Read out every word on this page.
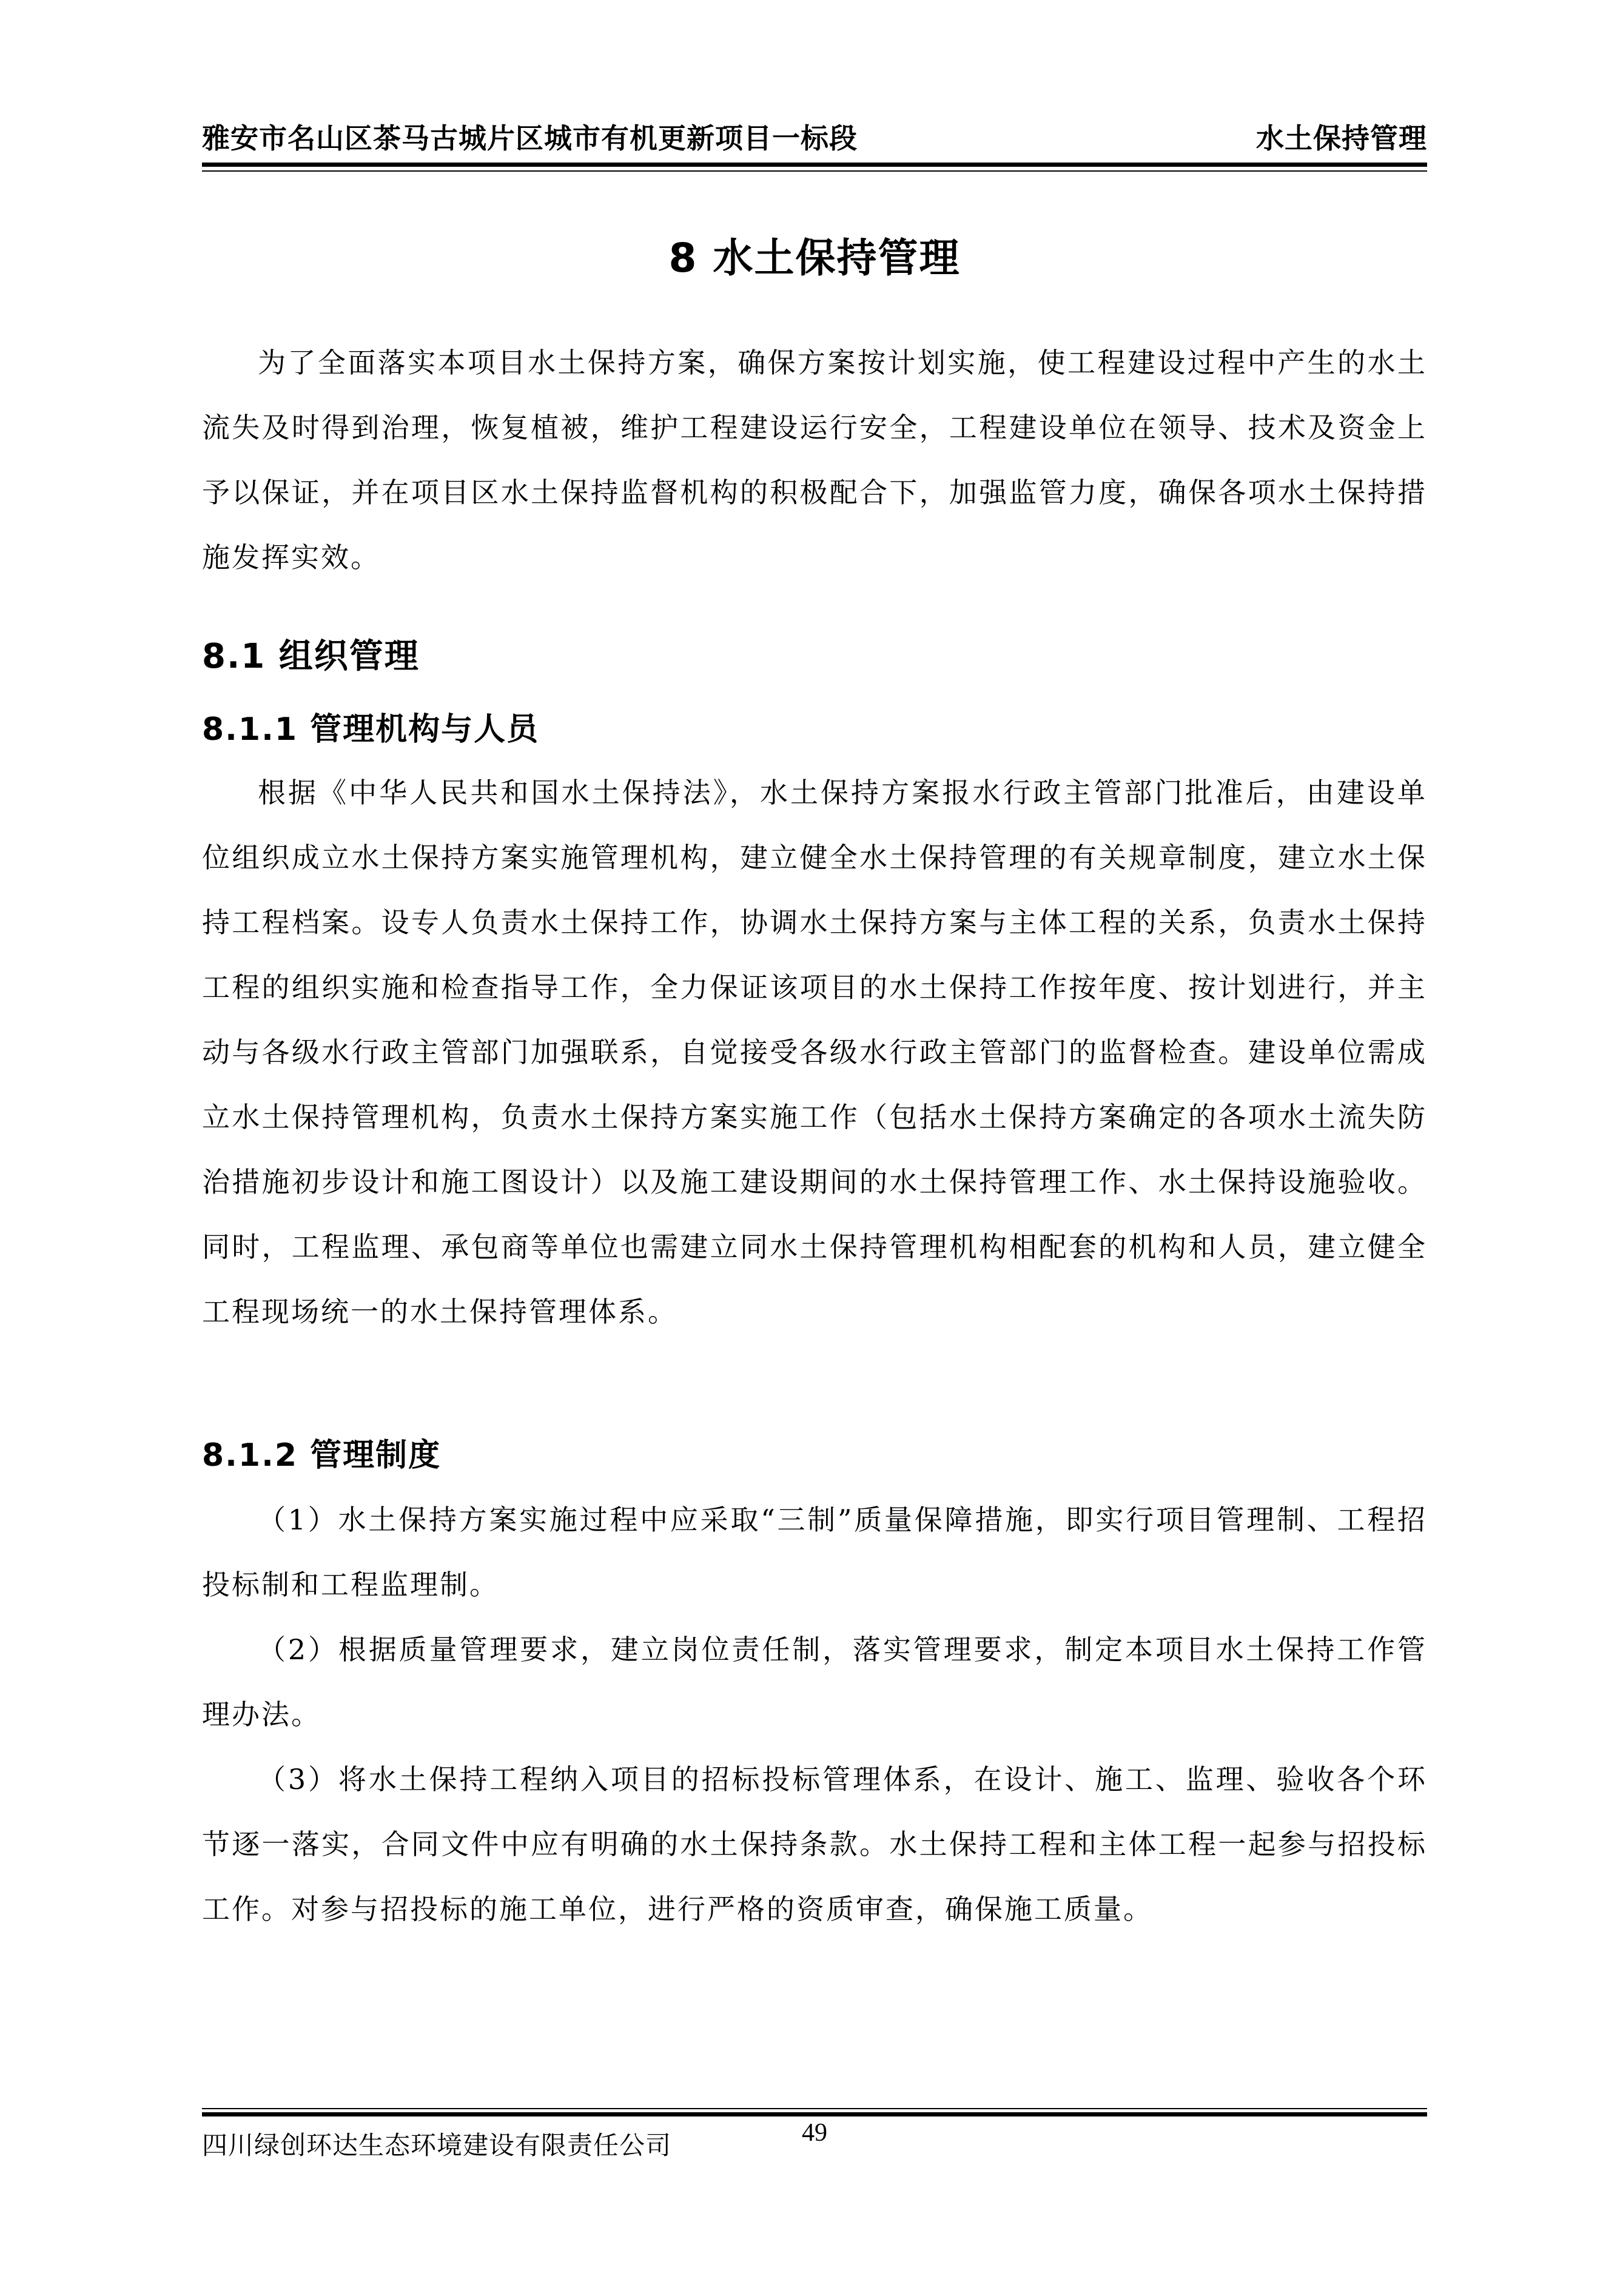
雅安市名山区茶马古城片区城市有机更新项目一标段	水土保持管理
8 水土保持管理

为了全面落实本项目水土保持方案，确保方案按计划实施，使工程建设过程中产生的水土流失及时得到治理，恢复植被，维护工程建设运行安全，工程建设单位在领导、技术及资金上予以保证，并在项目区水土保持监督机构的积极配合下，加强监管力度，确保各项水土保持措施发挥实效。

8.1 组织管理
8.1.1 管理机构与人员

根据《中华人民共和国水土保持法》，水土保持方案报水行政主管部门批准后，由建设单位组织成立水土保持方案实施管理机构，建立健全水土保持管理的有关规章制度，建立水土保持工程档案。设专人负责水土保持工作，协调水土保持方案与主体工程的关系，负责水土保持工程的组织实施和检查指导工作，全力保证该项目的水土保持工作按年度、按计划进行，并主动与各级水行政主管部门加强联系，自觉接受各级水行政主管部门的监督检查。建设单位需成立水土保持管理机构，负责水土保持方案实施工作（包括水土保持方案确定的各项水土流失防治措施初步设计和施工图设计）以及施工建设期间的水土保持管理工作、水土保持设施验收。同时，工程监理、承包商等单位也需建立同水土保持管理机构相配套的机构和人员，建立健全工程现场统一的水土保持管理体系。

8.1.2 管理制度

（1）水土保持方案实施过程中应采取“三制”质量保障措施，即实行项目管理制、工程招投标制和工程监理制。

（2）根据质量管理要求，建立岗位责任制，落实管理要求，制定本项目水土保持工作管理办法。

（3）将水土保持工程纳入项目的招标投标管理体系，在设计、施工、监理、验收各个环节逐一落实，合同文件中应有明确的水土保持条款。水土保持工程和主体工程一起参与招投标工作。对参与招投标的施工单位，进行严格的资质审查，确保施工质量。

四川绿创环达生态环境建设有限责任公司	49
